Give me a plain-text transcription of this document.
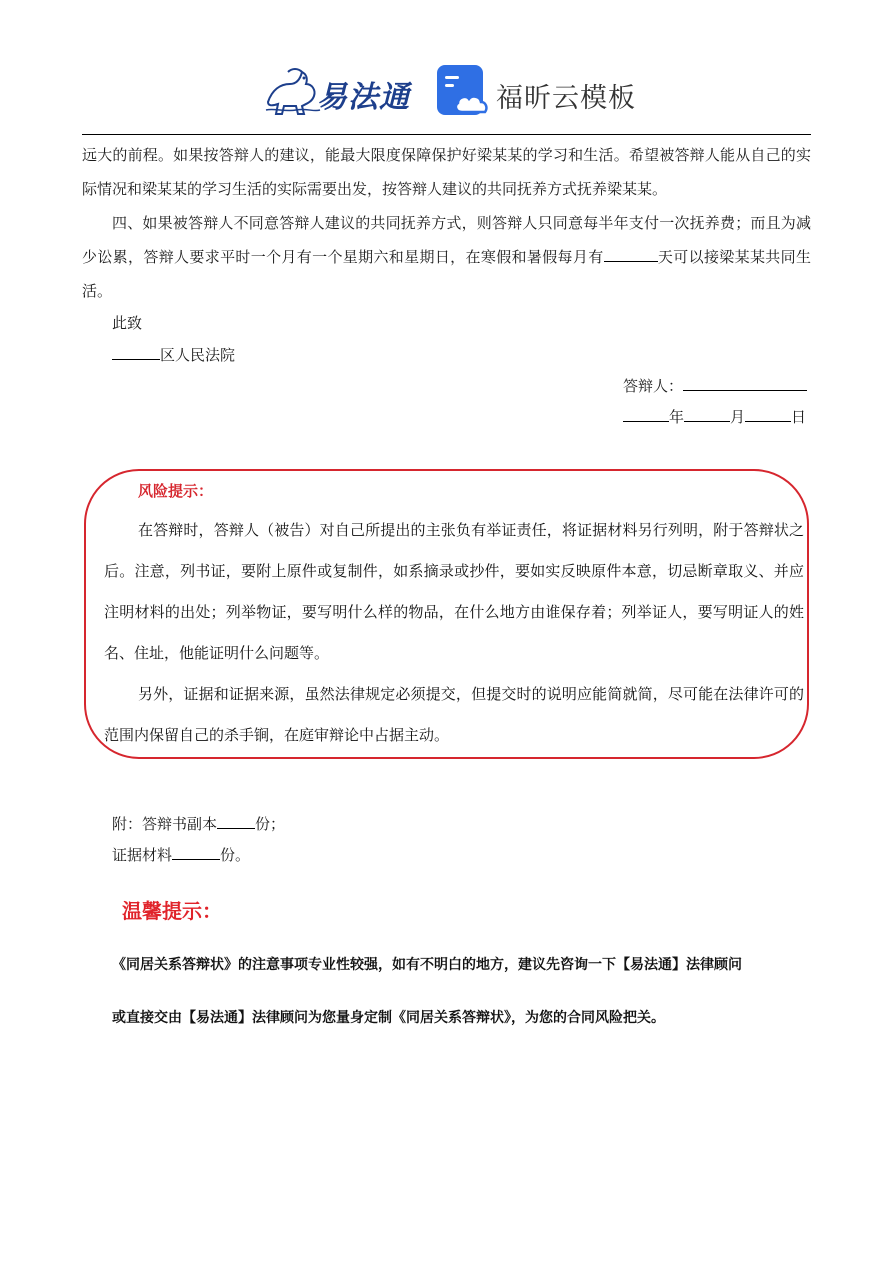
易法通	福昕云模板

远大的前程。如果按答辩人的建议，能最大限度保障保护好梁某某的学习和生活。希望被答辩人能从自己的实际情况和梁某某的学习生活的实际需要出发，按答辩人建议的共同抚养方式抚养梁某某。

四、如果被答辩人不同意答辩人建议的共同抚养方式，则答辩人只同意每半年支付一次抚养费；而且为减少讼累，答辩人要求平时一个月有一个星期六和星期日，在寒假和暑假每月有	天可以接梁某某共同生活。

此致
区人民法院
答辩人：
年	月	日
风险提示：

在答辩时，答辩人（被告）对自己所提出的主张负有举证责任，将证据材料另行列明，附于答辩状之后。注意，列书证，要附上原件或复制件，如系摘录或抄件，要如实反映原件本意，切忌断章取义、并应注明材料的出处；列举物证，要写明什么样的物品，在什么地方由谁保存着；列举证人，要写明证人的姓名、住址，他能证明什么问题等。

另外，证据和证据来源，虽然法律规定必须提交，但提交时的说明应能简就简，尽可能在法律许可的范围内保留自己的杀手锏，在庭审辩论中占据主动。

附：答辩书副本	份；
证据材料	份。
温馨提示：

《同居关系答辩状》的注意事项专业性较强，如有不明白的地方，建议先咨询一下【易法通】法律顾问

或直接交由【易法通】法律顾问为您量身定制《同居关系答辩状》，为您的合同风险把关。
